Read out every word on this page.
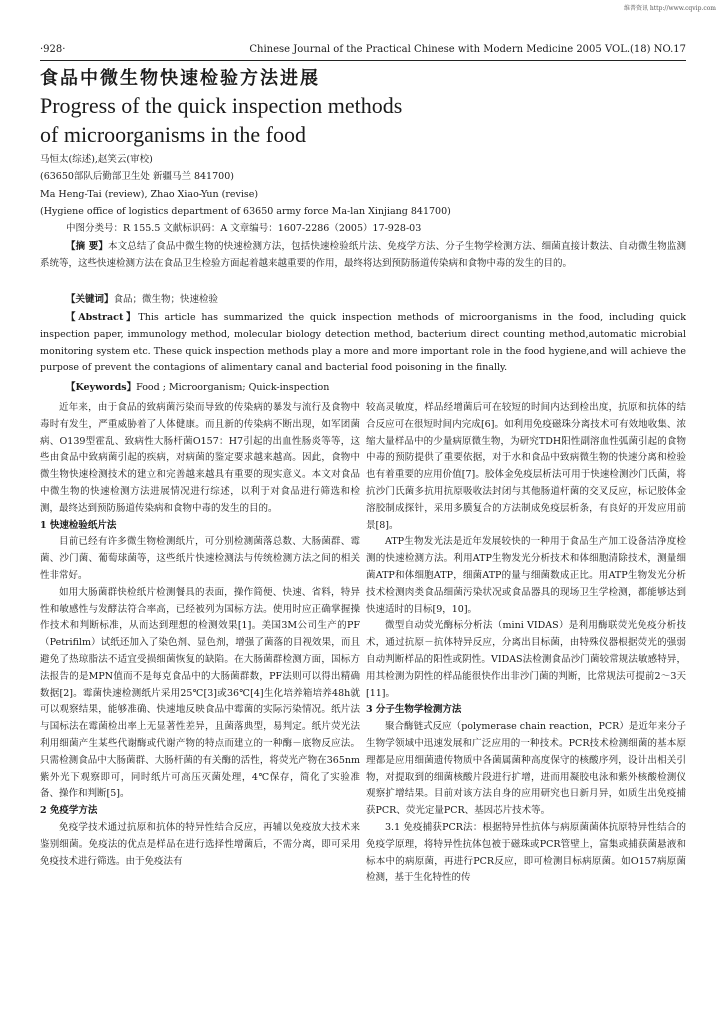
维普资讯 http://www.cqvip.com
·928·	Chinese Journal of the Practical Chinese with Modern Medicine 2005 VOL.(18) NO.17
食品中微生物快速检验方法进展
Progress of the quick inspection methods
of microorganisms in the food
马恒太(综述),赵笑云(审校)
(63650部队后勤部卫生处 新疆马兰 841700)
Ma Heng-Tai (review), Zhao Xiao-Yun (revise)
(Hygiene office of logistics department of 63650 army force Ma-lan Xinjiang 841700)
中图分类号：R 155.5 文献标识码：A 文章编号：1607-2286（2005）17-928-03
【摘 要】本文总结了食品中微生物的快速检测方法，包括快速检验纸片法、免疫学方法、分子生物学检测方法、细菌直接计数法、自动微生物监测系统等，这些快速检测方法在食品卫生检验方面起着越来越重要的作用，最终将达到预防肠道传染病和食物中毒的发生的目的。
【关键词】食品；微生物；快速检验
【Abstract】This article has summarized the quick inspection methods of microorganisms in the food, including quick inspection paper, immunology method, molecular biology detection method, bacterium direct counting method,automatic microbial monitoring system etc. These quick inspection methods play a more and more important role in the food hygiene,and will achieve the purpose of prevent the contagions of alimentary canal and bacterial food poisoning in the finally.
【Keywords】Food ; Microorganism; Quick-inspection

近年来，由于食品的致病菌污染而导致的传染病的暴发与流行及食物中毒时有发生，严重威胁着了人体健康。而且新的传染病不断出现，如军团菌病、O139型霍乱、致病性大肠杆菌O157：H7引起的出血性肠炎等等，这些由食品中致病菌引起的疾病，对病菌的鉴定要求越来越高。因此，食物中微生物快速检测技术的建立和完善越来越具有重要的现实意义。本文对食品中微生物的快速检测方法进展情况进行综述，以利于对食品进行筛选和检测，最终达到预防肠道传染病和食物中毒的发生的目的。

1 快速检验纸片法

目前已经有许多微生物检测纸片，可分别检测菌落总数、大肠菌群、霉菌、沙门菌、葡萄球菌等，这些纸片快速检测法与传统检测方法之间的相关性非常好。

如用大肠菌群快检纸片检测餐具的表面，操作简便、快速、省料，特异性和敏感性与发酵法符合率高，已经被列为国标方法。使用时应正确掌握操作技术和判断标准，从而达到理想的检测效果[1]。美国3M公司生产的PF（Petrifilm）试纸还加入了染色剂、显色剂，增强了菌落的目视效果，而且避免了热琼脂法不适宜受损细菌恢复的缺陷。在大肠菌群检测方面，国标方法报告的是MPN值而不是每克食品中的大肠菌群数，PF法则可以得出精确数据[2]。霉菌快速检测纸片采用25℃[3]或36℃[4]生化培养箱培养48h就可以观察结果，能够准确、快速地反映食品中霉菌的实际污染情况。纸片法与国标法在霉菌检出率上无显著性差异，且菌落典型，易判定。纸片荧光法利用细菌产生某些代谢酶或代谢产物的特点而建立的一种酶－底物反应法。只需检测食品中大肠菌群、大肠杆菌的有关酶的活性，将荧光产物在365nm紫外光下观察即可，同时纸片可高压灭菌处理，4℃保存，简化了实验准备、操作和判断[5]。

2 免疫学方法

免疫学技术通过抗原和抗体的特异性结合反应，再辅以免疫放大技术来鉴别细菌。免疫法的优点是样品在进行选择性增菌后，不需分离，即可采用免疫技术进行筛选。由于免疫法有

较高灵敏度，样品经增菌后可在较短的时间内达到检出度，抗原和抗体的结合反应可在很短时间内完成[6]。如利用免疫磁珠分离技术可有效地收集、浓缩大量样品中的少量病原微生物，为研究TDH阳性副溶血性弧菌引起的食物中毒的预防提供了重要依据，对于水和食品中致病微生物的快速分离和检验也有着重要的应用价值[7]。胶体金免疫层析法可用于快速检测沙门氏菌，将抗沙门氏菌多抗用抗原吸收法封闭与其他肠道杆菌的交叉反应，标记胶体金溶胶制成探针，采用多膜复合的方法制成免疫层析条，有良好的开发应用前景[8]。

ATP生物发光法是近年发展较快的一种用于食品生产加工设备洁净度检测的快速检测方法。利用ATP生物发光分析技术和体细胞清除技术，测量细菌ATP和体细胞ATP，细菌ATP的量与细菌数成正比。用ATP生物发光分析技术检测肉类食品细菌污染状况或食品器具的现场卫生学检测，都能够达到快速适时的目标[9，10]。

微型自动荧光酶标分析法（mini VIDAS）是利用酶联荧光免疫分析技术，通过抗原－抗体特异反应，分离出目标菌，由特殊仪器根据荧光的强弱自动判断样品的阳性或阴性。VIDAS法检测食品沙门菌较常规法敏感特异，用其检测为阴性的样品能很快作出非沙门菌的判断，比常规法可提前2～3天[11]。

3 分子生物学检测方法

聚合酶链式反应（polymerase chain reaction，PCR）是近年来分子生物学领域中迅速发展和广泛应用的一种技术。PCR技术检测细菌的基本原理都是应用细菌遗传物质中各菌属菌种高度保守的核酸序列，设计出相关引物，对提取到的细菌核酸片段进行扩增，进而用凝胶电泳和紫外核酸检测仪观察扩增结果。目前对该方法自身的应用研究也日新月异，如质生出免疫捕获PCR、荧光定量PCR、基因芯片技术等。

3.1 免疫捕获PCR法：根据特异性抗体与病原菌菌体抗原特异性结合的免疫学原理，将特异性抗体包被于磁珠或PCR管壁上，富集或捕获菌悬液和标本中的病原菌，再进行PCR反应，即可检测目标病原菌。如O157病原菌检测，基于生化特性的传
